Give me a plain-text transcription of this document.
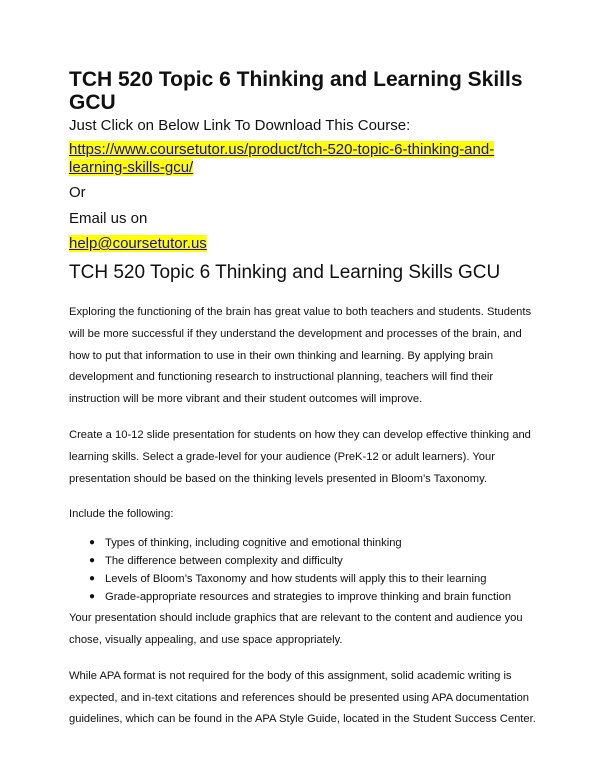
TCH 520 Topic 6 Thinking and Learning Skills GCU

Just Click on Below Link To Download This Course:

https://www.coursetutor.us/product/tch-520-topic-6-thinking-and-learning-skills-gcu/

Or

Email us on

help@coursetutor.us

TCH 520 Topic 6 Thinking and Learning Skills GCU

Exploring the functioning of the brain has great value to both teachers and students. Students will be more successful if they understand the development and processes of the brain, and how to put that information to use in their own thinking and learning. By applying brain development and functioning research to instructional planning, teachers will find their instruction will be more vibrant and their student outcomes will improve.

Create a 10-12 slide presentation for students on how they can develop effective thinking and learning skills. Select a grade-level for your audience (PreK-12 or adult learners). Your presentation should be based on the thinking levels presented in Bloom’s Taxonomy.

Include the following:

● Types of thinking, including cognitive and emotional thinking
● The difference between complexity and difficulty
● Levels of Bloom’s Taxonomy and how students will apply this to their learning
● Grade-appropriate resources and strategies to improve thinking and brain function

Your presentation should include graphics that are relevant to the content and audience you chose, visually appealing, and use space appropriately.

While APA format is not required for the body of this assignment, solid academic writing is expected, and in-text citations and references should be presented using APA documentation guidelines, which can be found in the APA Style Guide, located in the Student Success Center.
